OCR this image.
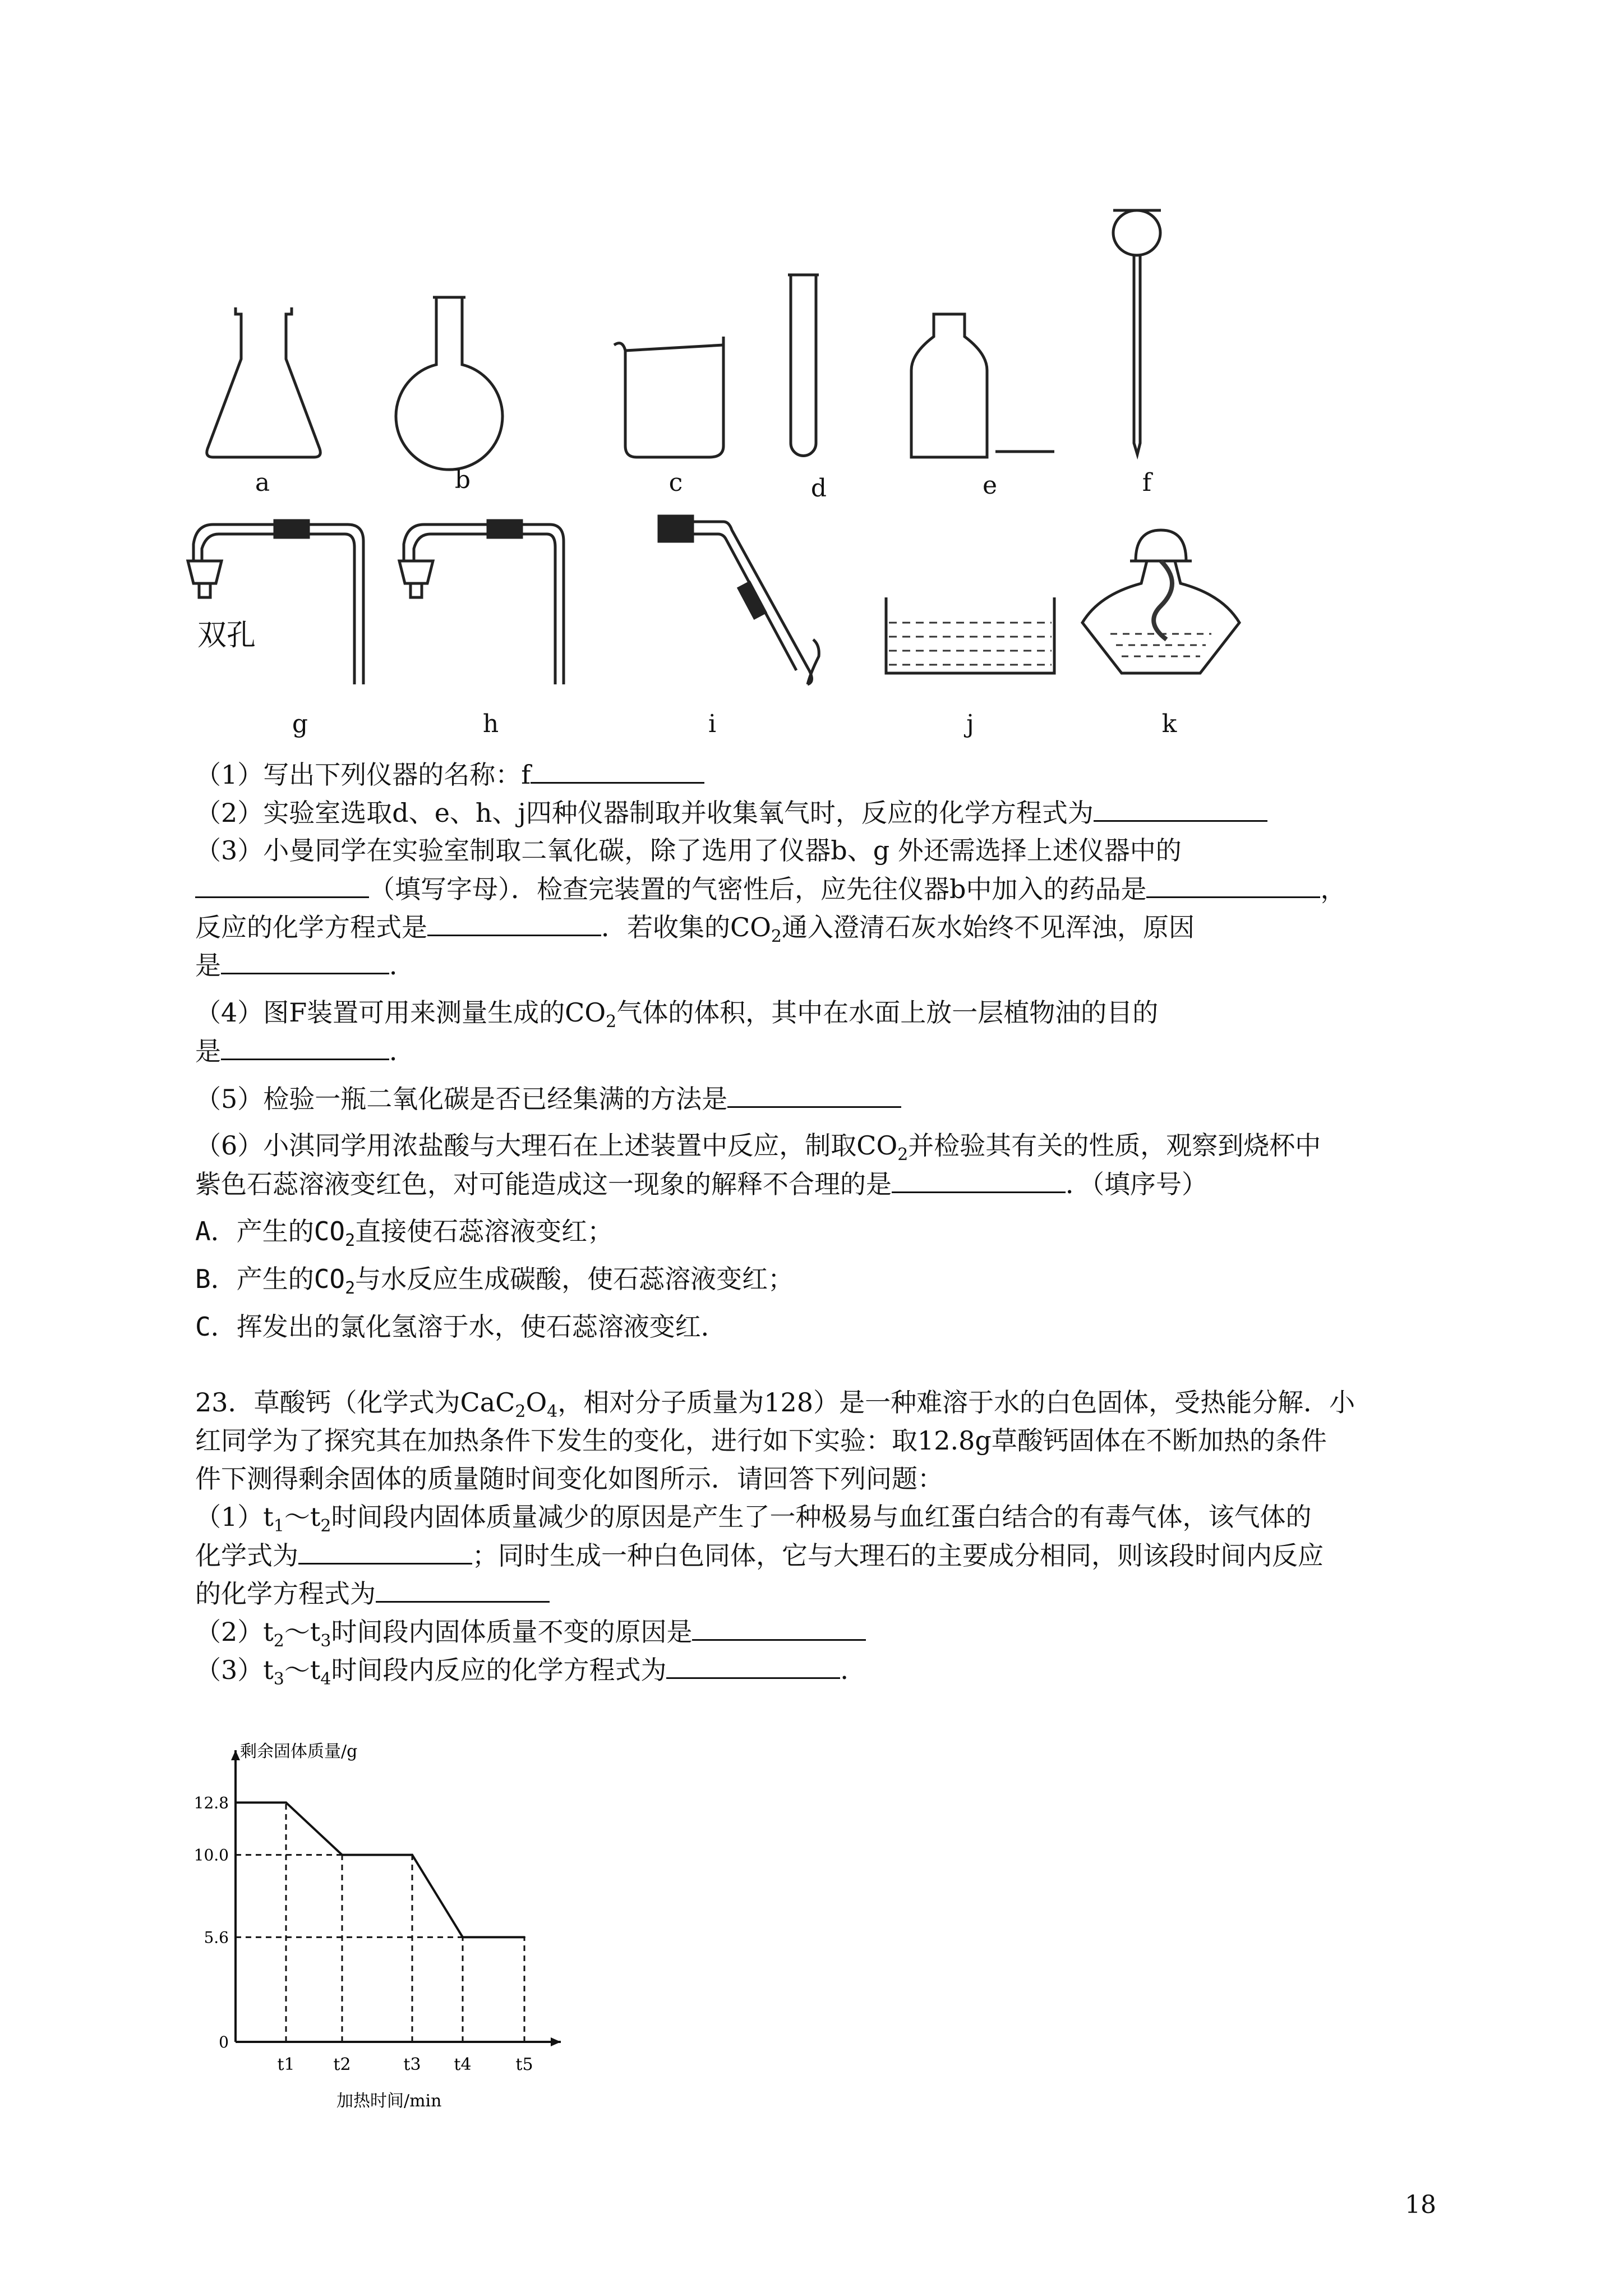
a	b	c	d	e	f
g	h	i	j	k
双孔
（1）写出下列仪器的名称：f
（2）实验室选取d、e、h、j四种仪器制取并收集氧气时，反应的化学方程式为
（3）小曼同学在实验室制取二氧化碳，除了选用了仪器b、g 外还需选择上述仪器中的
（填写字母）．检查完装置的气密性后，应先往仪器b中加入的药品是	，
反应的化学方程式是	．若收集的$CO_2$通入澄清石灰水始终不见浑浊，原因
是	．
（4）图F装置可用来测量生成的$CO_2$气体的体积，其中在水面上放一层植物油的目的
是	．
（5）检验一瓶二氧化碳是否已经集满的方法是
（6）小淇同学用浓盐酸与大理石在上述装置中反应，制取$CO_2$并检验其有关的性质，观察到烧杯中
紫色石蕊溶液变红色，对可能造成这一现象的解释不合理的是	．（填序号）
A．产生的$CO_2$直接使石蕊溶液变红；
B．产生的$CO_2$与水反应生成碳酸，使石蕊溶液变红；
C．挥发出的氯化氢溶于水，使石蕊溶液变红．
23．草酸钙（化学式为$CaC_2O_4$，相对分子质量为128）是一种难溶于水的白色固体，受热能分解．小
红同学为了探究其在加热条件下发生的变化，进行如下实验：取12.8g草酸钙固体在不断加热的条件
件下测得剩余固体的质量随时间变化如图所示．请回答下列问题：
$(1)t_1\sim t_2$时间段内固体质量减少的原因是产生了一种极易与血红蛋白结合的有毒气体，该气体的
化学式为	；同时生成一种白色同体，它与大理石的主要成分相同，则该段时间内反应
的化学方程式为
$(2)t_2\sim t_3$时间段内固体质量不变的原因是
$(3)t_3\sim t_4$时间段内反应的化学方程式为	．
剩余固体质量/g
加热时间/min
12.8
10.0
5.6
0
t1 t2	t3 t4	t5
18
